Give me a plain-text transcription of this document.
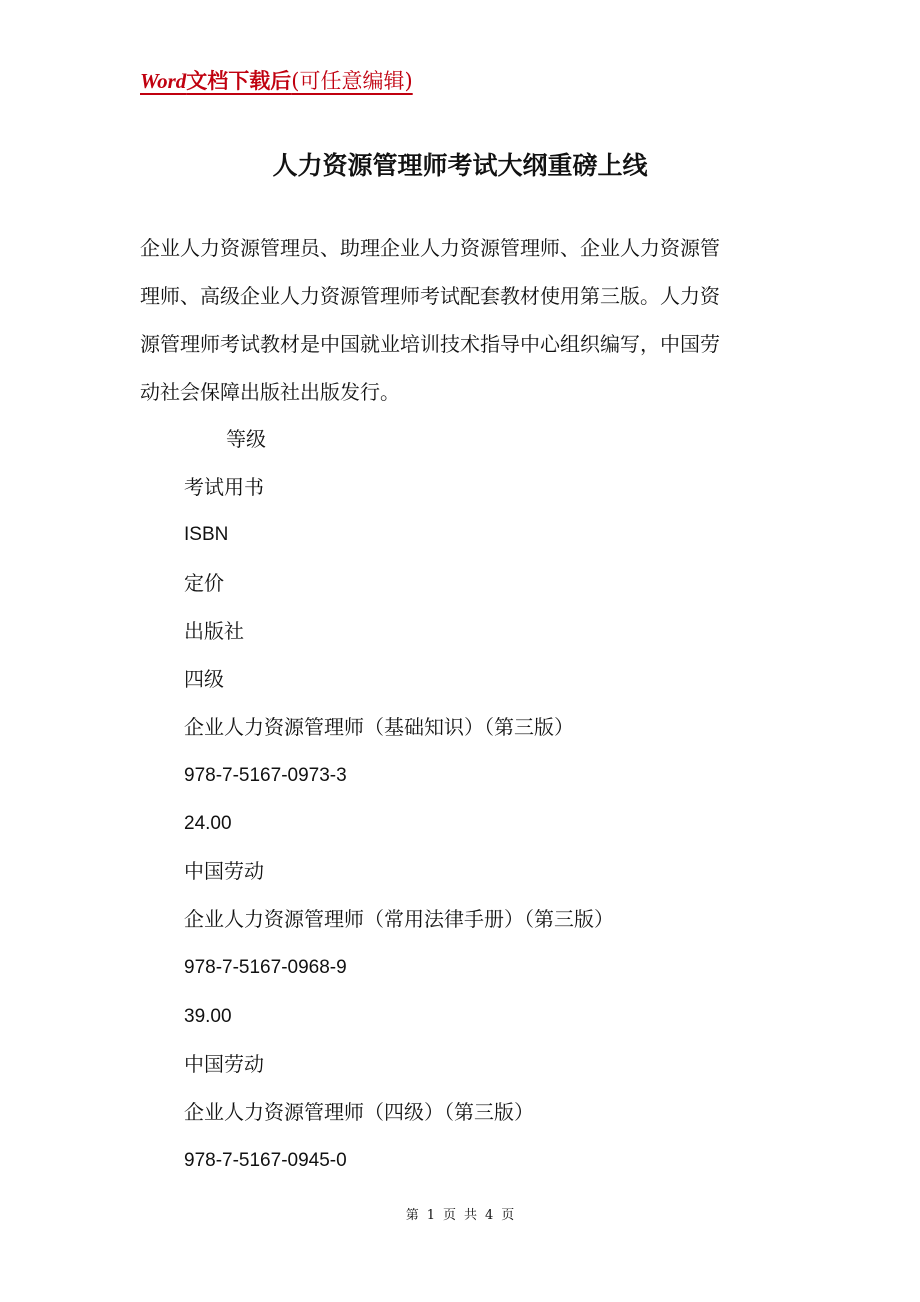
Word文档下载后(可任意编辑)
人力资源管理师考试大纲重磅上线
企业人力资源管理员、助理企业人力资源管理师、企业人力资源管
理师、高级企业人力资源管理师考试配套教材使用第三版。人力资
源管理师考试教材是中国就业培训技术指导中心组织编写，中国劳
动社会保障出版社出版发行。
等级
考试用书
ISBN
定价
出版社
四级
企业人力资源管理师（基础知识）（第三版）
978-7-5167-0973-3
24.00
中国劳动
企业人力资源管理师（常用法律手册）（第三版）
978-7-5167-0968-9
39.00
中国劳动
企业人力资源管理师（四级）（第三版）
978-7-5167-0945-0
第 1 页 共 4 页
